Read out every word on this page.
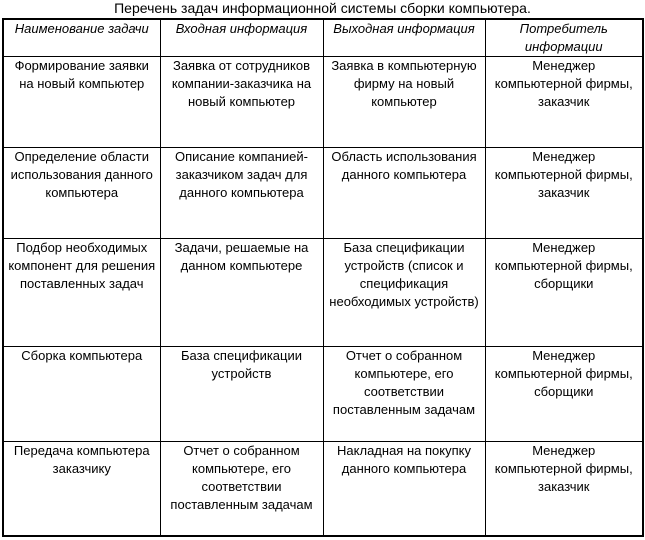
Перечень задач информационной системы сборки компьютера.
Наименование задачи	Входная информация	Выходная информация	Потребитель информации
Формирование заявки на новый компьютер	Заявка от сотрудников компании-заказчика на новый компьютер	Заявка в компьютерную фирму на новый компьютер	Менеджер компьютерной фирмы, заказчик
Определение области использования данного компьютера	Описание компанией-заказчиком задач для данного компьютера	Область использования данного компьютера	Менеджер компьютерной фирмы, заказчик
Подбор необходимых компонент для решения поставленных задач	Задачи, решаемые на данном компьютере	База спецификации устройств (список и спецификация необходимых устройств)	Менеджер компьютерной фирмы, сборщики
Сборка компьютера	База спецификации устройств	Отчет о собранном компьютере, его соответствии поставленным задачам	Менеджер компьютерной фирмы, сборщики
Передача компьютера заказчику	Отчет о собранном компьютере, его соответствии поставленным задачам	Накладная на покупку данного компьютера	Менеджер компьютерной фирмы, заказчик
